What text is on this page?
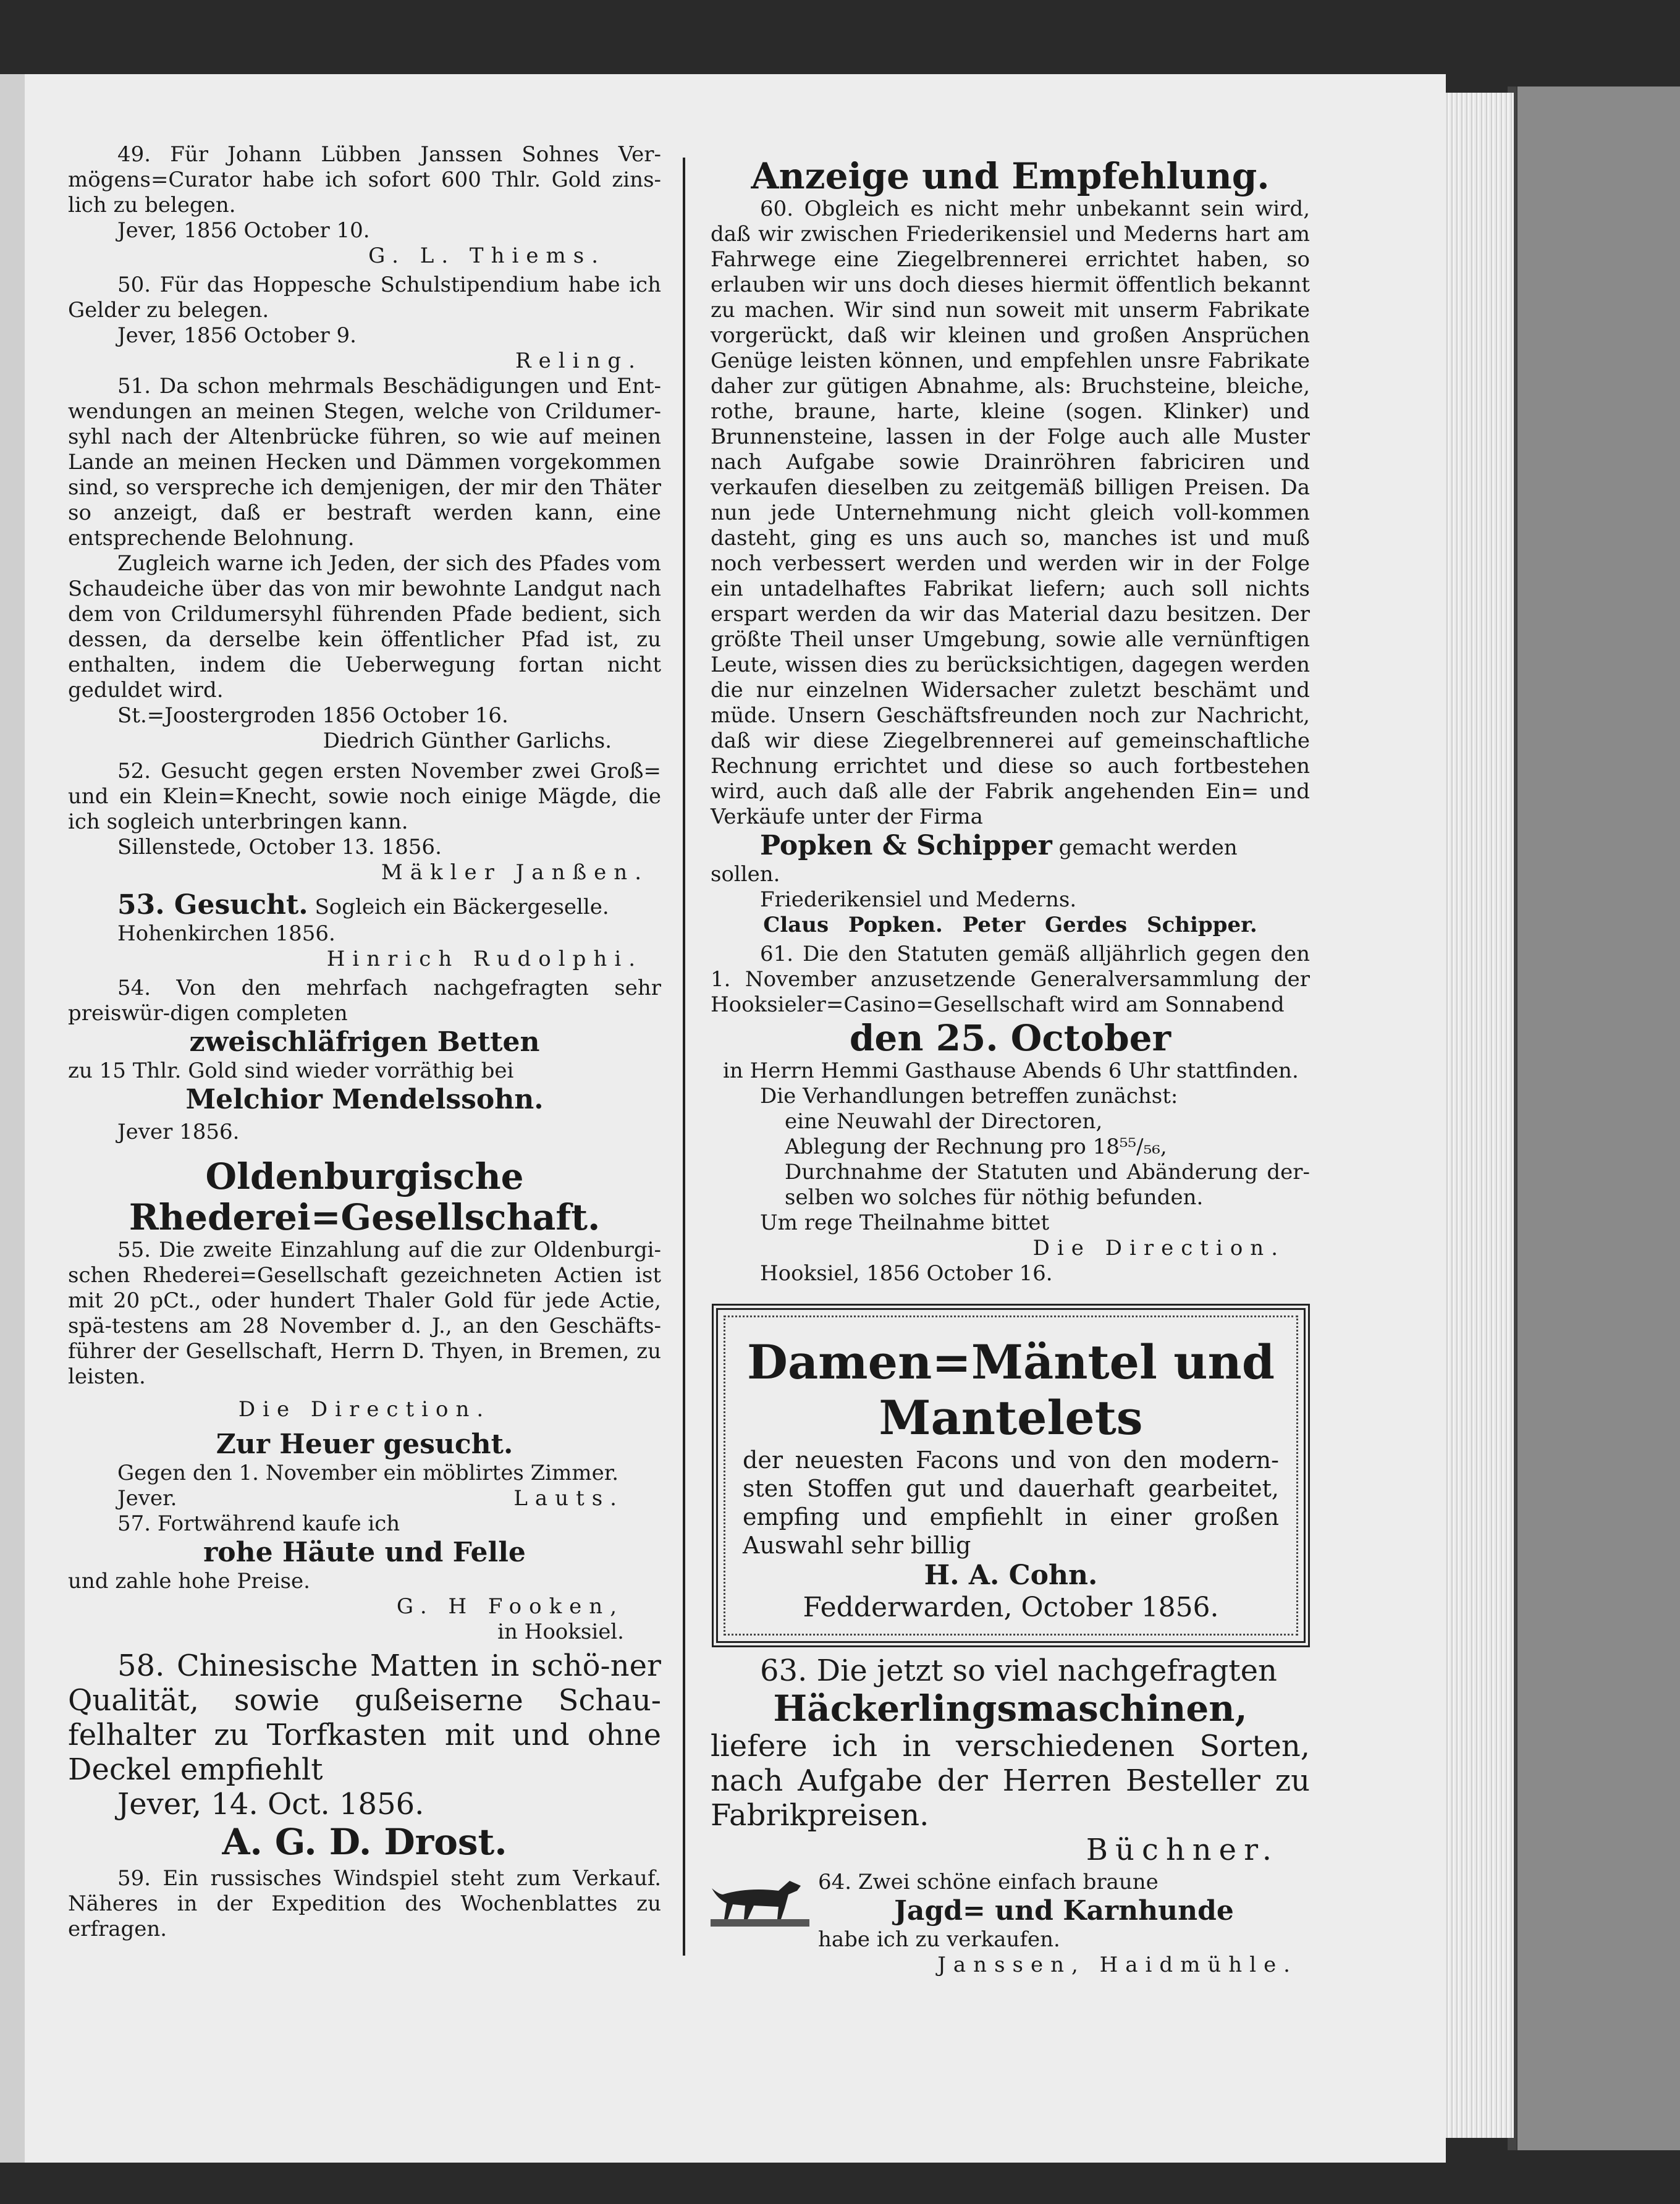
49. Für Johann Lübben Janssen Sohnes Ver-mögens=Curator habe ich sofort 600 Thlr. Gold zins-lich zu belegen.

Jever, 1856 October 10.

G. L. Thiems.

50. Für das Hoppesche Schulstipendium habe ich Gelder zu belegen.

Jever, 1856 October 9.

Reling.

51. Da schon mehrmals Beschädigungen und Ent-wendungen an meinen Stegen, welche von Crildumer-syhl nach der Altenbrücke führen, so wie auf meinen Lande an meinen Hecken und Dämmen vorgekommen sind, so verspreche ich demjenigen, der mir den Thäter so anzeigt, daß er bestraft werden kann, eine entsprechende Belohnung.

Zugleich warne ich Jeden, der sich des Pfades vom Schaudeiche über das von mir bewohnte Landgut nach dem von Crildumersyhl führenden Pfade bedient, sich dessen, da derselbe kein öffentlicher Pfad ist, zu enthalten, indem die Ueberwegung fortan nicht geduldet wird.

St.=Joostergroden 1856 October 16.

Diedrich Günther Garlichs.

52. Gesucht gegen ersten November zwei Groß= und ein Klein=Knecht, sowie noch einige Mägde, die ich sogleich unterbringen kann.

Sillenstede, October 13. 1856.

Mäkler Janßen.

53. Gesucht. Sogleich ein Bäckergeselle.

Hohenkirchen 1856.

Hinrich Rudolphi.

54. Von den mehrfach nachgefragten sehr preiswür-digen completen

zweischläfrigen Betten

zu 15 Thlr. Gold sind wieder vorräthig bei

Melchior Mendelssohn.

Jever 1856.

Oldenburgische

Rhederei=Gesellschaft.

55. Die zweite Einzahlung auf die zur Oldenburgi-schen Rhederei=Gesellschaft gezeichneten Actien ist mit 20 pCt., oder hundert Thaler Gold für jede Actie, spä-testens am 28 November d. J., an den Geschäfts-führer der Gesellschaft, Herrn D. Thyen, in Bremen, zu leisten.

Die Direction.

Zur Heuer gesucht.

Gegen den 1. November ein möblirtes Zimmer.

Jever.	Lauts.

57. Fortwährend kaufe ich

rohe Häute und Felle

und zahle hohe Preise.

G. H Fooken,

in Hooksiel.

58. Chinesische Matten in schö-ner Qualität, sowie gußeiserne Schau-felhalter zu Torfkasten mit und ohne Deckel empfiehlt

Jever, 14. Oct. 1856.

A. G. D. Drost.

59. Ein russisches Windspiel steht zum Verkauf. Näheres in der Expedition des Wochenblattes zu erfragen.

Anzeige und Empfehlung.

60. Obgleich es nicht mehr unbekannt sein wird, daß wir zwischen Friederikensiel und Mederns hart am Fahrwege eine Ziegelbrennerei errichtet haben, so erlauben wir uns doch dieses hiermit öffentlich bekannt zu machen. Wir sind nun soweit mit unserm Fabrikate vorgerückt, daß wir kleinen und großen Ansprüchen Genüge leisten können, und empfehlen unsre Fabrikate daher zur gütigen Abnahme, als: Bruchsteine, bleiche, rothe, braune, harte, kleine (sogen. Klinker) und Brunnensteine, lassen in der Folge auch alle Muster nach Aufgabe sowie Drainröhren fabriciren und verkaufen dieselben zu zeitgemäß billigen Preisen. Da nun jede Unternehmung nicht gleich voll-kommen dasteht, ging es uns auch so, manches ist und muß noch verbessert werden und werden wir in der Folge ein untadelhaftes Fabrikat liefern; auch soll nichts erspart werden da wir das Material dazu besitzen. Der größte Theil unser Umgebung, sowie alle vernünftigen Leute, wissen dies zu berücksichtigen, dagegen werden die nur einzelnen Widersacher zuletzt beschämt und müde. Unsern Geschäftsfreunden noch zur Nachricht, daß wir diese Ziegelbrennerei auf gemeinschaftliche Rechnung errichtet und diese so auch fortbestehen wird, auch daß alle der Fabrik angehenden Ein= und Verkäufe unter der Firma

Popken & Schipper gemacht werden sollen.

Friederikensiel und Mederns.

Claus Popken. Peter Gerdes Schipper.

61. Die den Statuten gemäß alljährlich gegen den 1. November anzusetzende Generalversammlung der Hooksieler=Casino=Gesellschaft wird am Sonnabend

den 25. October

in Herrn Hemmi Gasthause Abends 6 Uhr stattfinden.

Die Verhandlungen betreffen zunächst:

eine Neuwahl der Directoren,

Ablegung der Rechnung pro 18⁵⁵/₅₆,

Durchnahme der Statuten und Abänderung der-selben wo solches für nöthig befunden.

Um rege Theilnahme bittet

Die Direction.

Hooksiel, 1856 October 16.

Damen=Mäntel und

Mantelets

der neuesten Facons und von den modern-sten Stoffen gut und dauerhaft gearbeitet, empfing und empfiehlt in einer großen Auswahl sehr billig

H. A. Cohn.

Fedderwarden, October 1856.

63. Die jetzt so viel nachgefragten

Häckerlingsmaschinen,

liefere ich in verschiedenen Sorten, nach Aufgabe der Herren Besteller zu Fabrikpreisen.

Büchner.

64. Zwei schöne einfach braune

Jagd= und Karnhunde

habe ich zu verkaufen.

Janssen, Haidmühle.
